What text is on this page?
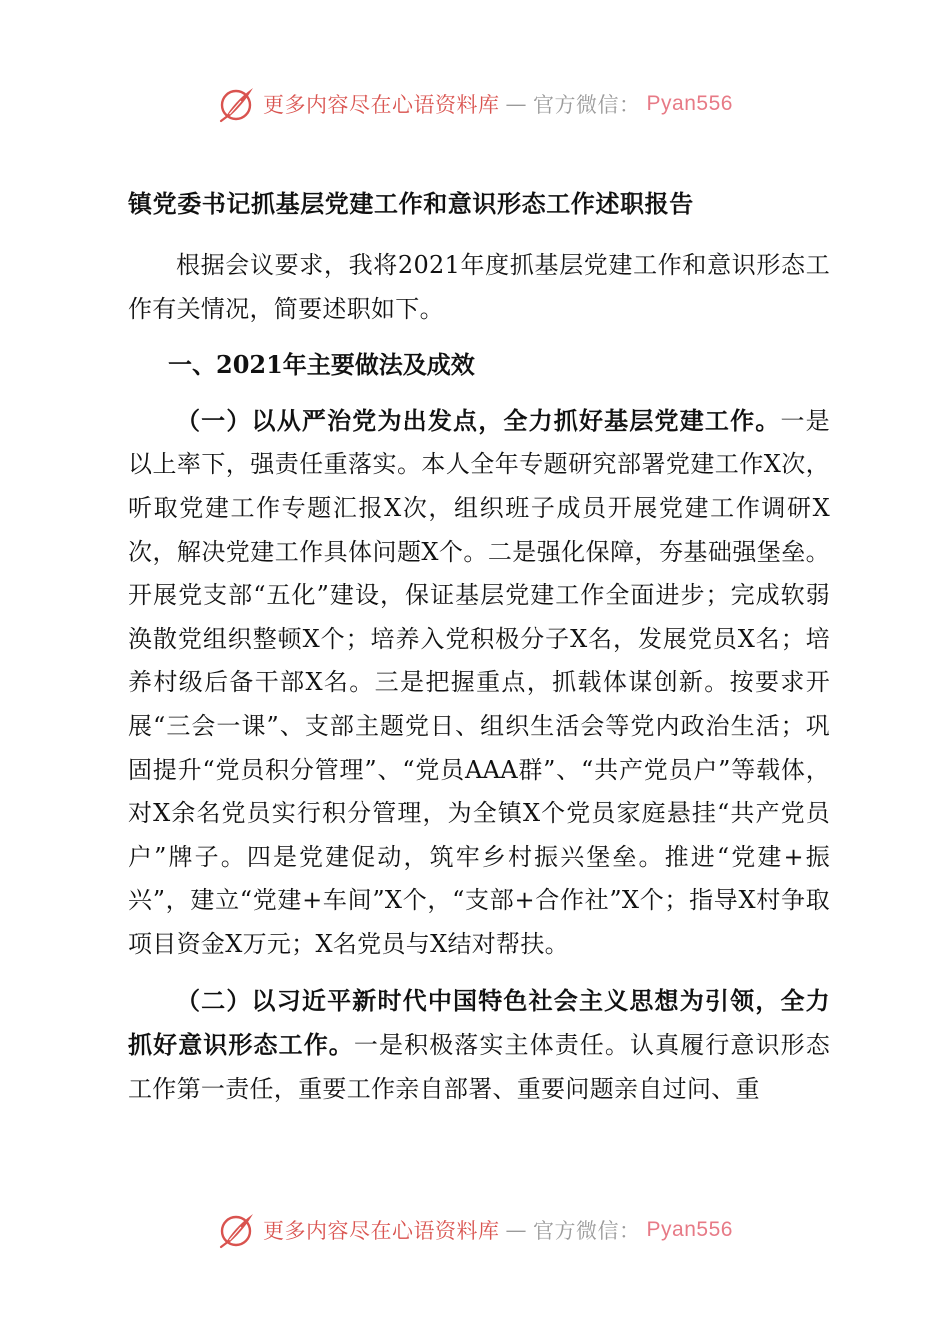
更多内容尽在心语资料库 — 官方微信： Pyan556
镇党委书记抓基层党建工作和意识形态工作述职报告

根据会议要求，我将2021年度抓基层党建工作和意识形态工作有关情况，简要述职如下。

一、2021年主要做法及成效

（一）以从严治党为出发点，全力抓好基层党建工作。一是以上率下，强责任重落实。本人全年专题研究部署党建工作X次，听取党建工作专题汇报X次，组织班子成员开展党建工作调研X次，解决党建工作具体问题X个。二是强化保障，夯基础强堡垒。开展党支部“五化”建设，保证基层党建工作全面进步；完成软弱涣散党组织整顿X个；培养入党积极分子X名，发展党员X名；培养村级后备干部X名。三是把握重点，抓载体谋创新。按要求开展“三会一课”、支部主题党日、组织生活会等党内政治生活；巩固提升“党员积分管理”、“党员AAA群”、“共产党员户”等载体，对X余名党员实行积分管理，为全镇X个党员家庭悬挂“共产党员户”牌子。四是党建促动，筑牢乡村振兴堡垒。推进“党建+振兴”，建立“党建+车间”X个，“支部+合作社”X个；指导X村争取项目资金X万元；X名党员与X结对帮扶。

（二）以习近平新时代中国特色社会主义思想为引领，全力抓好意识形态工作。一是积极落实主体责任。认真履行意识形态工作第一责任，重要工作亲自部署、重要问题亲自过问、重

更多内容尽在心语资料库 — 官方微信： Pyan556
